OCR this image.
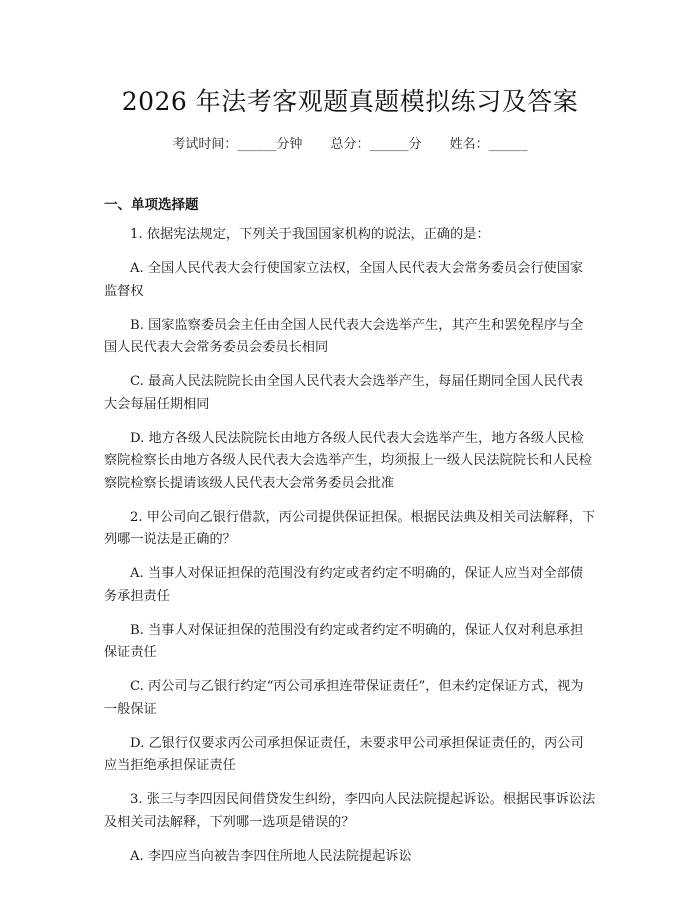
2026 年法考客观题真题模拟练习及答案
考试时间：______分钟 总分：______分 姓名：______
一、单项选择题

1. 依据宪法规定，下列关于我国国家机构的说法，正确的是：

A. 全国人民代表大会行使国家立法权，全国人民代表大会常务委员会行使国家监督权

B. 国家监察委员会主任由全国人民代表大会选举产生，其产生和罢免程序与全国人民代表大会常务委员会委员长相同

C. 最高人民法院院长由全国人民代表大会选举产生，每届任期同全国人民代表大会每届任期相同

D. 地方各级人民法院院长由地方各级人民代表大会选举产生，地方各级人民检察院检察长由地方各级人民代表大会选举产生，均须报上一级人民法院院长和人民检察院检察长提请该级人民代表大会常务委员会批准

2. 甲公司向乙银行借款，丙公司提供保证担保。根据民法典及相关司法解释，下列哪一说法是正确的？

A. 当事人对保证担保的范围没有约定或者约定不明确的，保证人应当对全部债务承担责任

B. 当事人对保证担保的范围没有约定或者约定不明确的，保证人仅对利息承担保证责任

C. 丙公司与乙银行约定“丙公司承担连带保证责任”，但未约定保证方式，视为一般保证

D. 乙银行仅要求丙公司承担保证责任，未要求甲公司承担保证责任的，丙公司应当拒绝承担保证责任

3. 张三与李四因民间借贷发生纠纷，李四向人民法院提起诉讼。根据民事诉讼法及相关司法解释，下列哪一选项是错误的？

A. 李四应当向被告李四住所地人民法院提起诉讼
